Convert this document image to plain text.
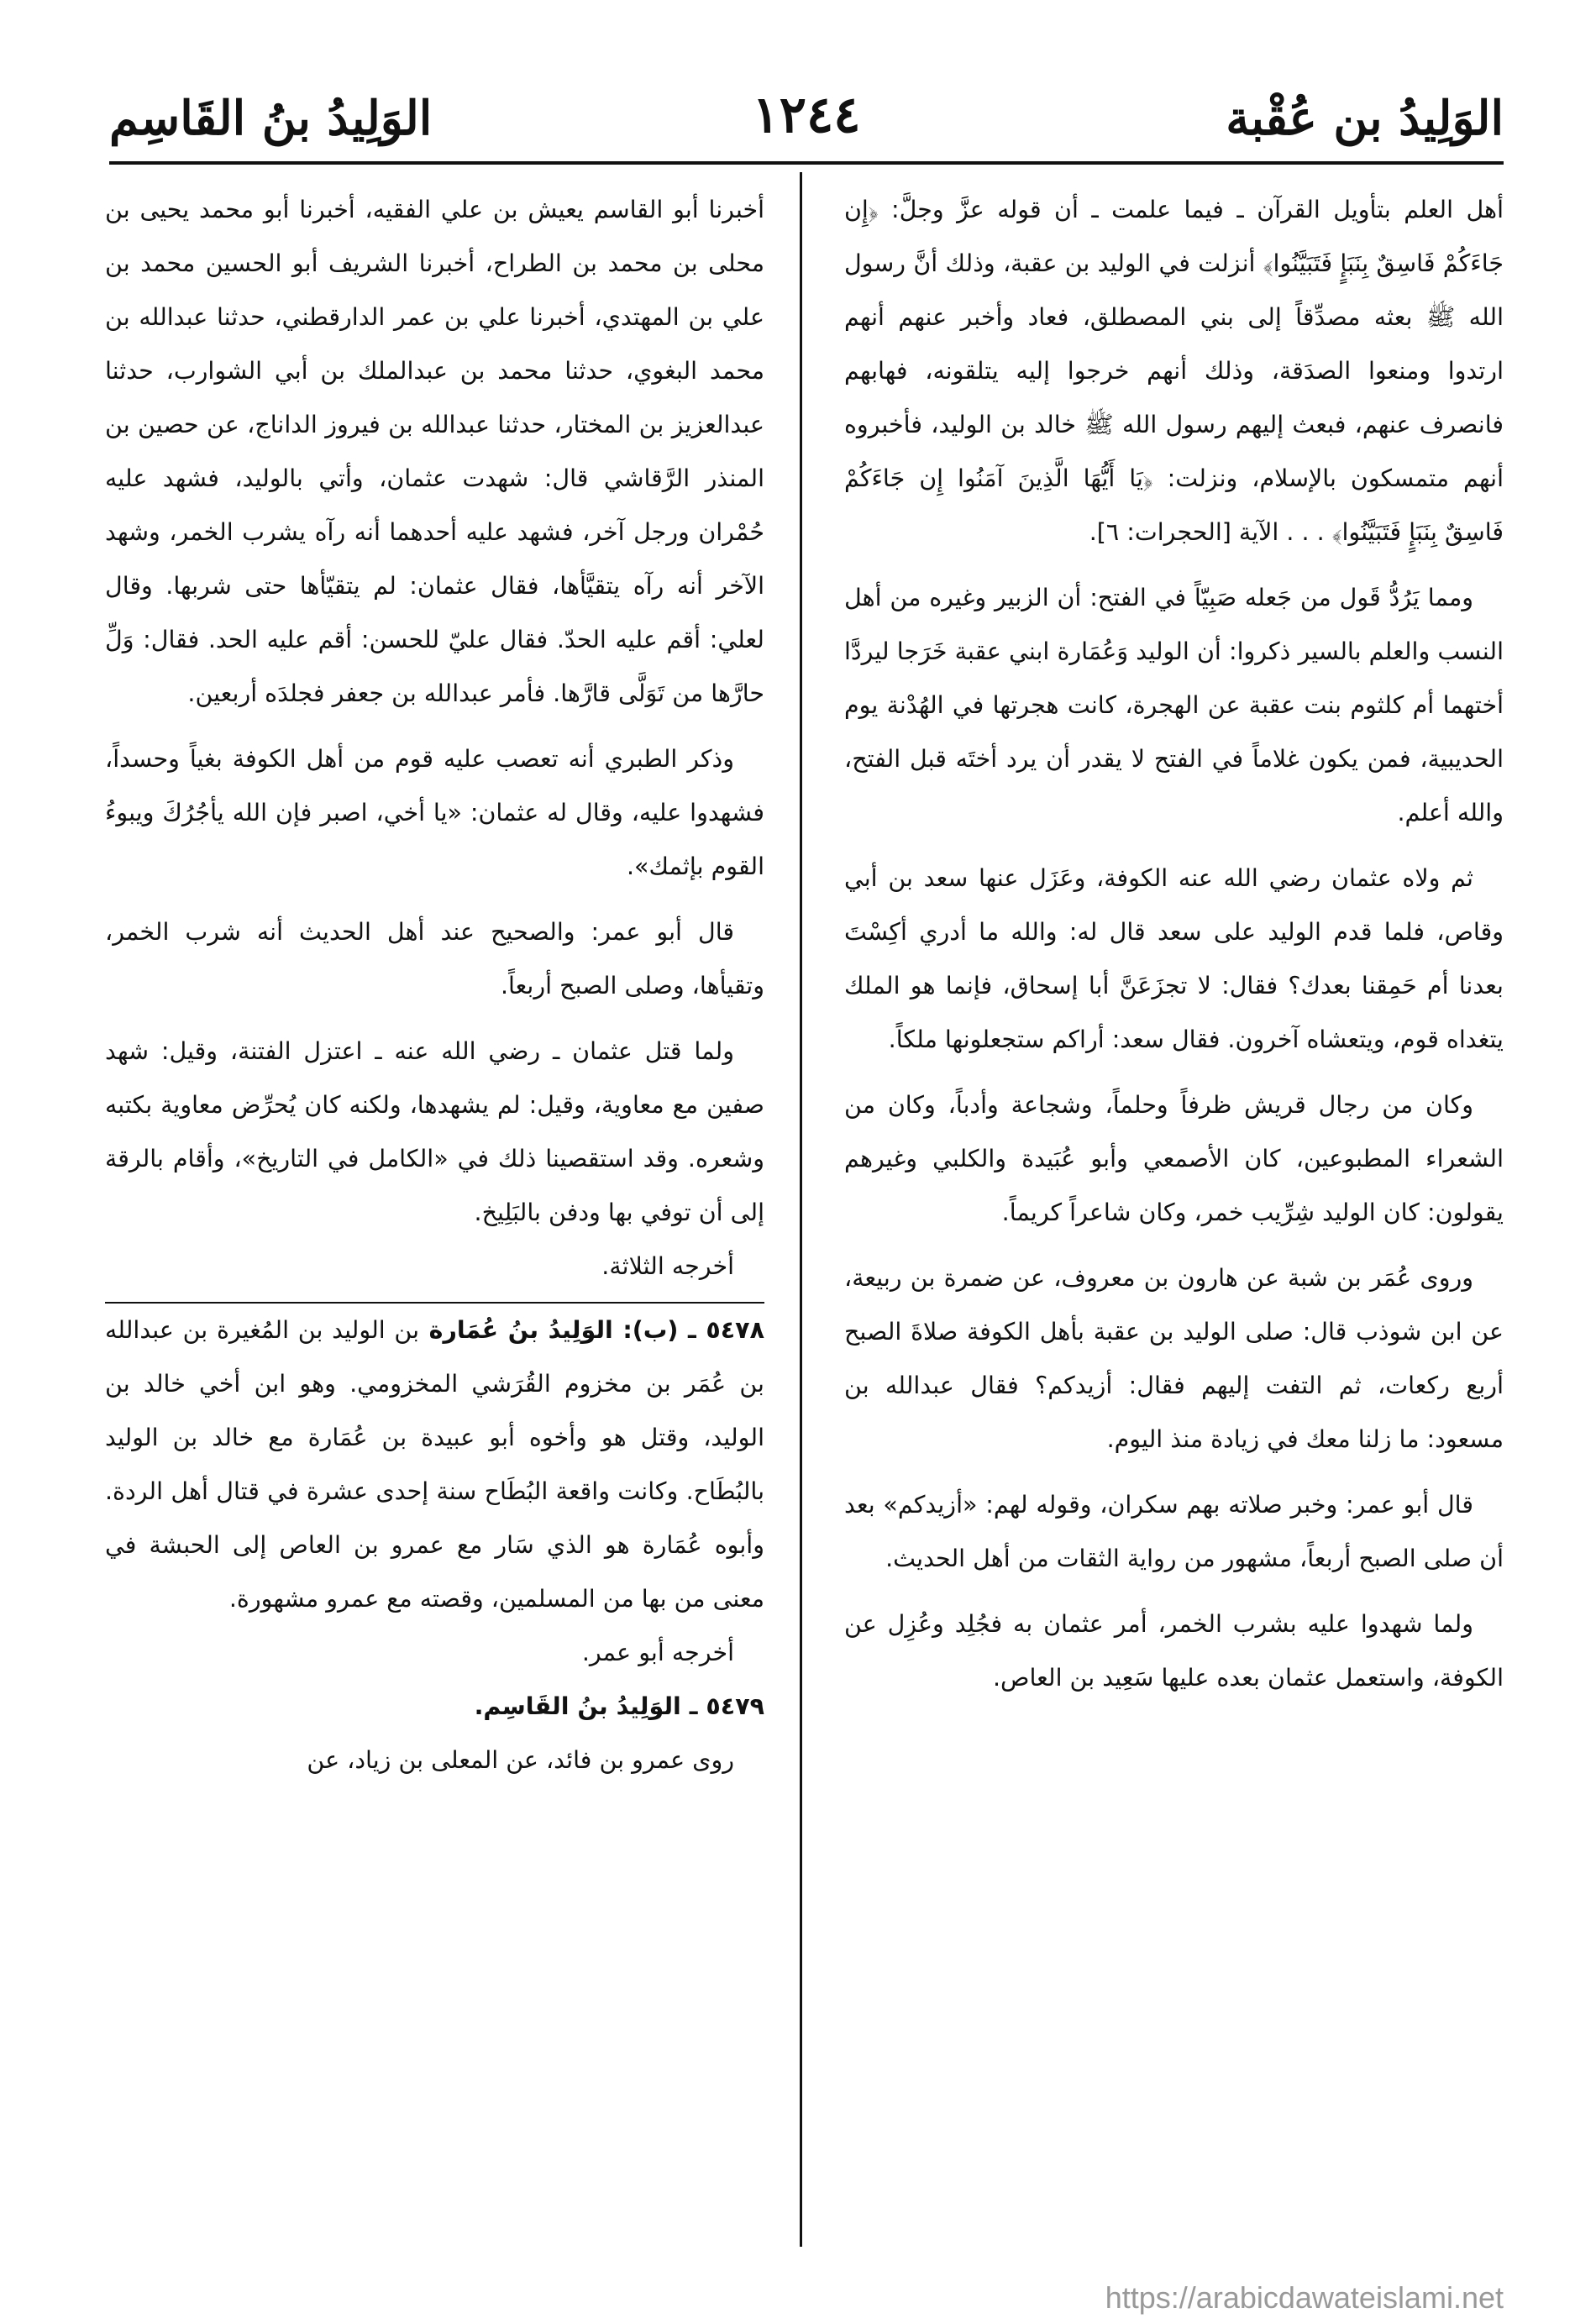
الوَلِيدُ بن عُقْبة
١٢٤٤
الوَلِيدُ بنُ القَاسِم

أهل العلم بتأويل القرآن ـ فيما علمت ـ أن قوله عزَّ وجلَّ: ﴿إِن جَاءَكُمْ فَاسِقٌ بِنَبَإٍ فَتَبَيَّنُوا﴾ أنزلت في الوليد بن عقبة، وذلك أنَّ رسول الله ﷺ بعثه مصدِّقاً إلى بني المصطلق، فعاد وأخبر عنهم أنهم ارتدوا ومنعوا الصدَقة، وذلك أنهم خرجوا إليه يتلقونه، فهابهم فانصرف عنهم، فبعث إليهم رسول الله ﷺ خالد بن الوليد، فأخبروه أنهم متمسكون بالإسلام، ونزلت: ﴿يَا أَيُّهَا الَّذِينَ آمَنُوا إِن جَاءَكُمْ فَاسِقٌ بِنَبَإٍ فَتَبَيَّنُوا﴾ . . . الآية [الحجرات: ٦].

ومما يَرُدُّ قَول من جَعله صَبِيّاً في الفتح: أن الزبير وغيره من أهل النسب والعلم بالسير ذكروا: أن الوليد وَعُمَارة ابني عقبة خَرَجا ليردَّا أختهما أم كلثوم بنت عقبة عن الهجرة، كانت هجرتها في الهُدْنة يوم الحديبية، فمن يكون غلاماً في الفتح لا يقدر أن يرد أختَه قبل الفتح، والله أعلم.

ثم ولاه عثمان رضي الله عنه الكوفة، وعَزَل عنها سعد بن أبي وقاص، فلما قدم الوليد على سعد قال له: والله ما أدري أكِسْتَ بعدنا أم حَمِقنا بعدك؟ فقال: لا تجزَعَنَّ أبا إسحاق، فإنما هو الملك يتغداه قوم، ويتعشاه آخرون. فقال سعد: أراكم ستجعلونها ملكاً.

وكان من رجال قريش ظرفاً وحلماً، وشجاعة وأدباً، وكان من الشعراء المطبوعين، كان الأصمعي وأبو عُبَيدة والكلبي وغيرهم يقولون: كان الوليد شِرِّيب خمر، وكان شاعراً كريماً.

وروى عُمَر بن شبة عن هارون بن معروف، عن ضمرة بن ربيعة، عن ابن شوذب قال: صلى الوليد بن عقبة بأهل الكوفة صلاةَ الصبح أربع ركعات، ثم التفت إليهم فقال: أزيدكم؟ فقال عبدالله بن مسعود: ما زلنا معك في زيادة منذ اليوم.

قال أبو عمر: وخبر صلاته بهم سكران، وقوله لهم: «أزيدكم» بعد أن صلى الصبح أربعاً، مشهور من رواية الثقات من أهل الحديث.

ولما شهدوا عليه بشرب الخمر، أمر عثمان به فجُلِد وعُزِل عن الكوفة، واستعمل عثمان بعده عليها سَعِيد بن العاص.

أخبرنا أبو القاسم يعيش بن علي الفقيه، أخبرنا أبو محمد يحيى بن محلى بن محمد بن الطراح، أخبرنا الشريف أبو الحسين محمد بن علي بن المهتدي، أخبرنا علي بن عمر الدارقطني، حدثنا عبدالله بن محمد البغوي، حدثنا محمد بن عبدالملك بن أبي الشوارب، حدثنا عبدالعزيز بن المختار، حدثنا عبدالله بن فيروز الداناج، عن حصين بن المنذر الرَّقاشي قال: شهدت عثمان، وأتي بالوليد، فشهد عليه حُمْران ورجل آخر، فشهد عليه أحدهما أنه رآه يشرب الخمر، وشهد الآخر أنه رآه يتقيَّأها، فقال عثمان: لم يتقيّأها حتى شربها. وقال لعلي: أقم عليه الحدّ. فقال عليّ للحسن: أقم عليه الحد. فقال: وَلِّ حارَّها من تَوَلَّى قارَّها. فأمر عبدالله بن جعفر فجلدَه أربعين.

وذكر الطبري أنه تعصب عليه قوم من أهل الكوفة بغياً وحسداً، فشهدوا عليه، وقال له عثمان: «يا أخي، اصبر فإن الله يأجُرُكَ ويبوءُ القوم بإثمك».

قال أبو عمر: والصحيح عند أهل الحديث أنه شرب الخمر، وتقيأها، وصلى الصبح أربعاً.

ولما قتل عثمان ـ رضي الله عنه ـ اعتزل الفتنة، وقيل: شهد صفين مع معاوية، وقيل: لم يشهدها، ولكنه كان يُحرِّض معاوية بكتبه وشعره. وقد استقصينا ذلك في «الكامل في التاريخ»، وأقام بالرقة إلى أن توفي بها ودفن بالبَلِيخ.

أخرجه الثلاثة.

٥٤٧٨ ـ (ب): الوَلِيدُ بنُ عُمَارة بن الوليد بن المُغيرة بن عبدالله بن عُمَر بن مخزوم القُرَشي المخزومي. وهو ابن أخي خالد بن الوليد، وقتل هو وأخوه أبو عبيدة بن عُمَارة مع خالد بن الوليد بالبُطَاح. وكانت واقعة البُطَاح سنة إحدى عشرة في قتال أهل الردة. وأبوه عُمَارة هو الذي سَار مع عمرو بن العاص إلى الحبشة في معنى من بها من المسلمين، وقصته مع عمرو مشهورة.

أخرجه أبو عمر.

٥٤٧٩ ـ الوَلِيدُ بنُ القَاسِم.

روى عمرو بن فائد، عن المعلى بن زياد، عن

https://arabicdawateislami.net
